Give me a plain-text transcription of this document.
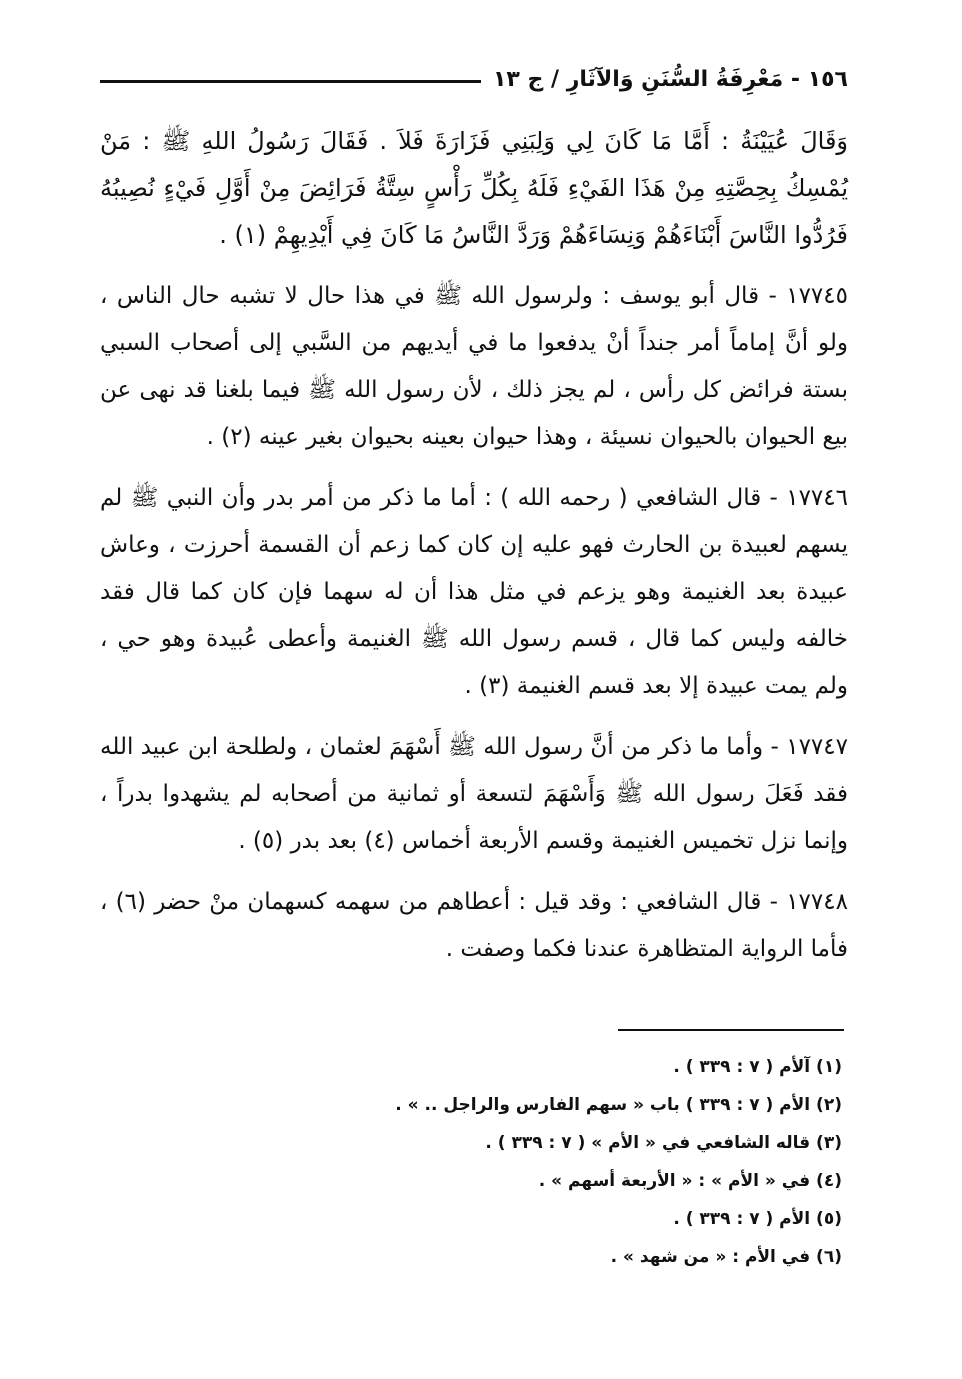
١٥٦ - مَعْرِفَةُ السُّنَنِ وَالآثَارِ / ج ١٣

وَقَالَ عُيَيْنَةُ : أَمَّا مَا كَانَ لِي وَلِبَنِي فَزَارَةَ فَلاَ . فَقَالَ رَسُولُ اللهِ ﷺ : مَنْ يُمْسِكُ بِحِصَّتِهِ مِنْ هَذَا الفَيْءِ فَلَهُ بِكُلِّ رَأْسٍ سِتَّةُ فَرَائِضَ مِنْ أَوَّلِ فَيْءٍ نُصِيبُهُ فَرُدُّوا النَّاسَ أَبْنَاءَهُمْ وَنِسَاءَهُمْ وَرَدَّ النَّاسُ مَا كَانَ فِي أَيْدِيهِمْ (١) .

١٧٧٤٥ - قال أبو يوسف : ولرسول الله ﷺ في هذا حال لا تشبه حال الناس ، ولو أنَّ إماماً أمر جنداً أنْ يدفعوا ما في أيديهم من السَّبي إلى أصحاب السبي بستة فرائض كل رأس ، لم يجز ذلك ، لأن رسول الله ﷺ فيما بلغنا قد نهى عن بيع الحيوان بالحيوان نسيئة ، وهذا حيوان بعينه بحيوان بغير عينه (٢) .

١٧٧٤٦ - قال الشافعي ( رحمه الله ) : أما ما ذكر من أمر بدر وأن النبي ﷺ لم يسهم لعبيدة بن الحارث فهو عليه إن كان كما زعم أن القسمة أحرزت ، وعاش عبيدة بعد الغنيمة وهو يزعم في مثل هذا أن له سهما فإن كان كما قال فقد خالفه وليس كما قال ، قسم رسول الله ﷺ الغنيمة وأعطى عُبيدة وهو حي ، ولم يمت عبيدة إلا بعد قسم الغنيمة (٣) .

١٧٧٤٧ - وأما ما ذكر من أنَّ رسول الله ﷺ أَسْهَمَ لعثمان ، ولطلحة ابن عبيد الله فقد فَعَلَ رسول الله ﷺ وَأَسْهَمَ لتسعة أو ثمانية من أصحابه لم يشهدوا بدراً ، وإنما نزل تخميس الغنيمة وقسم الأربعة أخماس (٤) بعد بدر (٥) .

١٧٧٤٨ - قال الشافعي : وقد قيل : أعطاهم من سهمه كسهمان منْ حضر (٦) ، فأما الرواية المتظاهرة عندنا فكما وصفت .

(١) آلأم ( ٧ : ٣٣٩ ) .
(٢) الأم ( ٧ : ٣٣٩ ) باب « سهم الفارس والراجل .. » .
(٣) قاله الشافعي في « الأم » ( ٧ : ٣٣٩ ) .
(٤) في « الأم » : « الأربعة أسهم » .
(٥) الأم ( ٧ : ٣٣٩ ) .
(٦) في الأم : « من شهد » .
